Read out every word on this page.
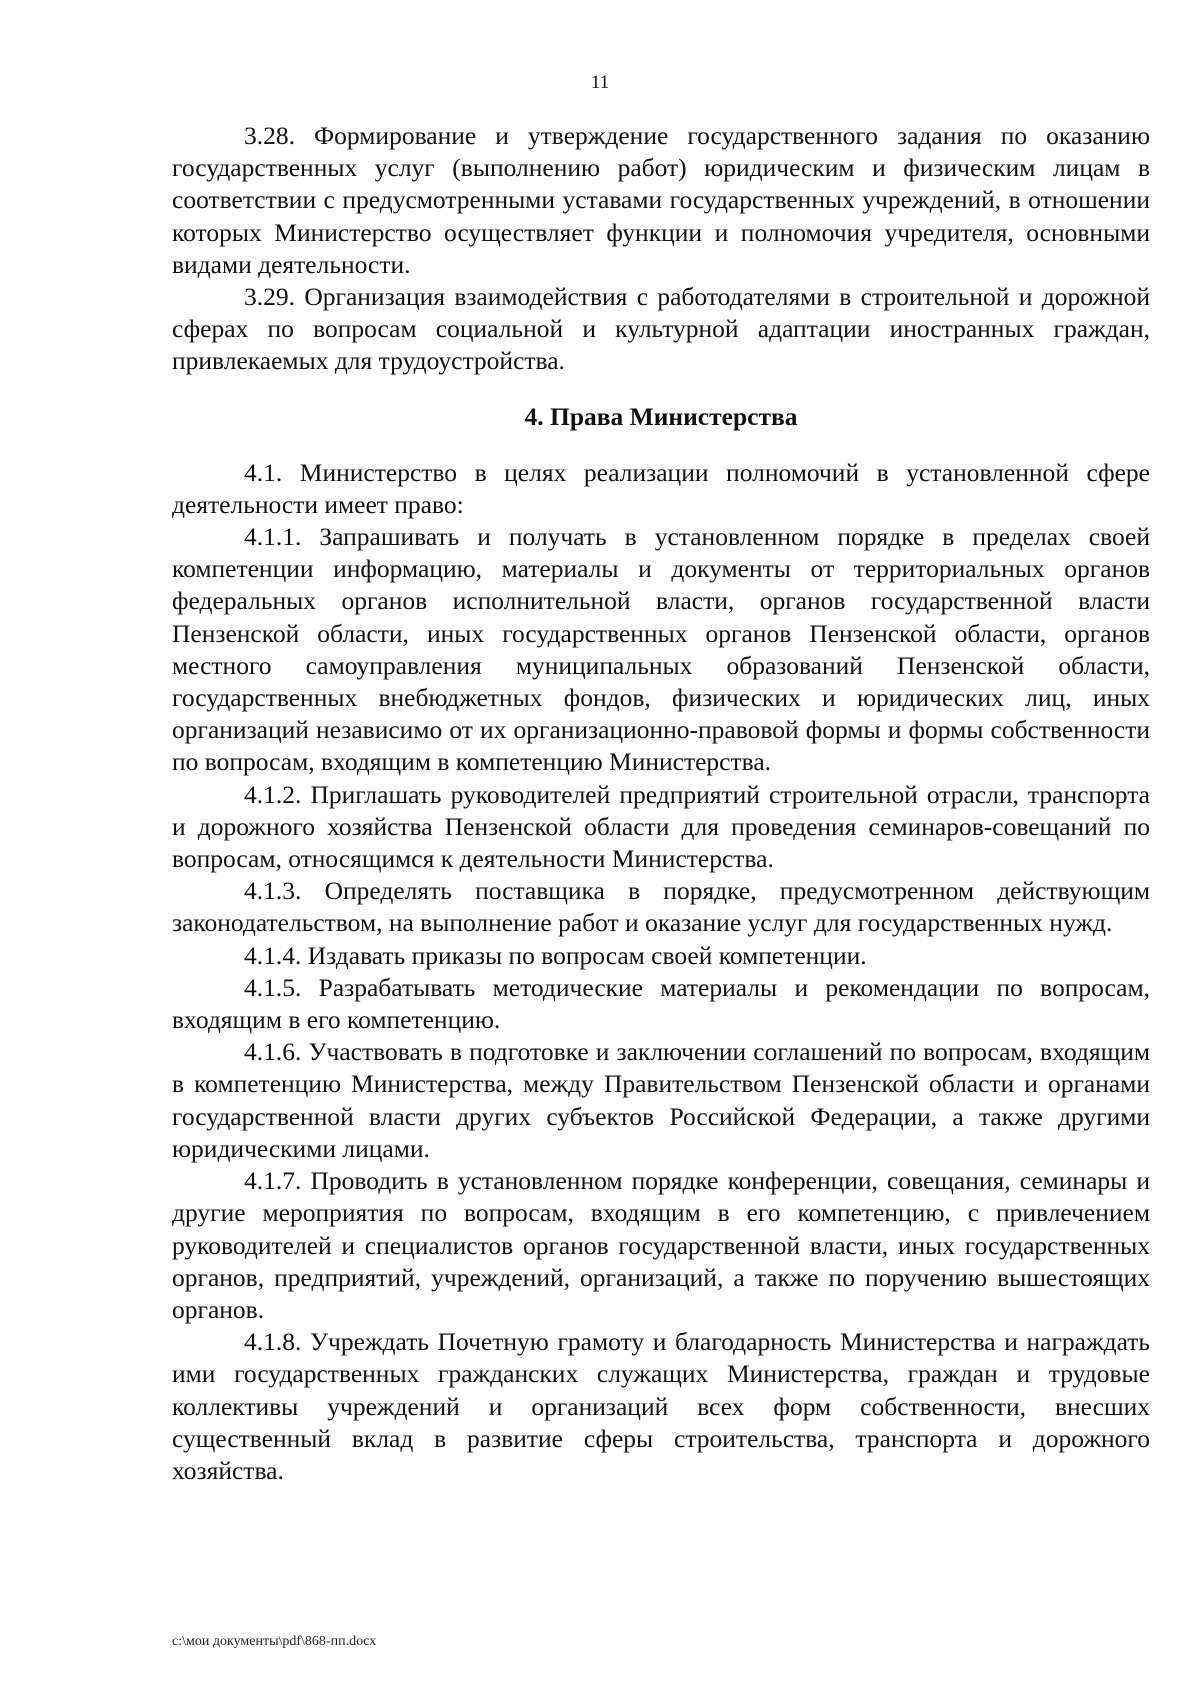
11

3.28. Формирование и утверждение государственного задания по оказанию государственных услуг (выполнению работ) юридическим и физическим лицам в соответствии с предусмотренными уставами государственных учреждений, в отношении которых Министерство осуществляет функции и полномочия учредителя, основными видами деятельности.

3.29. Организация взаимодействия с работодателями в строительной и дорожной сферах по вопросам социальной и культурной адаптации иностранных граждан, привлекаемых для трудоустройства.

4. Права Министерства

4.1. Министерство в целях реализации полномочий в установленной сфере деятельности имеет право:

4.1.1. Запрашивать и получать в установленном порядке в пределах своей компетенции информацию, материалы и документы от территориальных органов федеральных органов исполнительной власти, органов государственной власти Пензенской области, иных государственных органов Пензенской области, органов местного самоуправления муниципальных образований Пензенской области, государственных внебюджетных фондов, физических и юридических лиц, иных организаций независимо от их организационно-правовой формы и формы собственности по вопросам, входящим в компетенцию Министерства.

4.1.2. Приглашать руководителей предприятий строительной отрасли, транспорта и дорожного хозяйства Пензенской области для проведения семинаров-совещаний по вопросам, относящимся к деятельности Министерства.

4.1.3. Определять поставщика в порядке, предусмотренном действующим законодательством, на выполнение работ и оказание услуг для государственных нужд.

4.1.4. Издавать приказы по вопросам своей компетенции.

4.1.5. Разрабатывать методические материалы и рекомендации по вопросам, входящим в его компетенцию.

4.1.6. Участвовать в подготовке и заключении соглашений по вопросам, входящим в компетенцию Министерства, между Правительством Пензенской области и органами государственной власти других субъектов Российской Федерации, а также другими юридическими лицами.

4.1.7. Проводить в установленном порядке конференции, совещания, семинары и другие мероприятия по вопросам, входящим в его компетенцию, с привлечением руководителей и специалистов органов государственной власти, иных государственных органов, предприятий, учреждений, организаций, а также по поручению вышестоящих органов.

4.1.8. Учреждать Почетную грамоту и благодарность Министерства и награждать ими государственных гражданских служащих Министерства, граждан и трудовые коллективы учреждений и организаций всех форм собственности, внесших существенный вклад в развитие сферы строительства, транспорта и дорожного хозяйства.

c:\мои документы\pdf\868-пп.docx
